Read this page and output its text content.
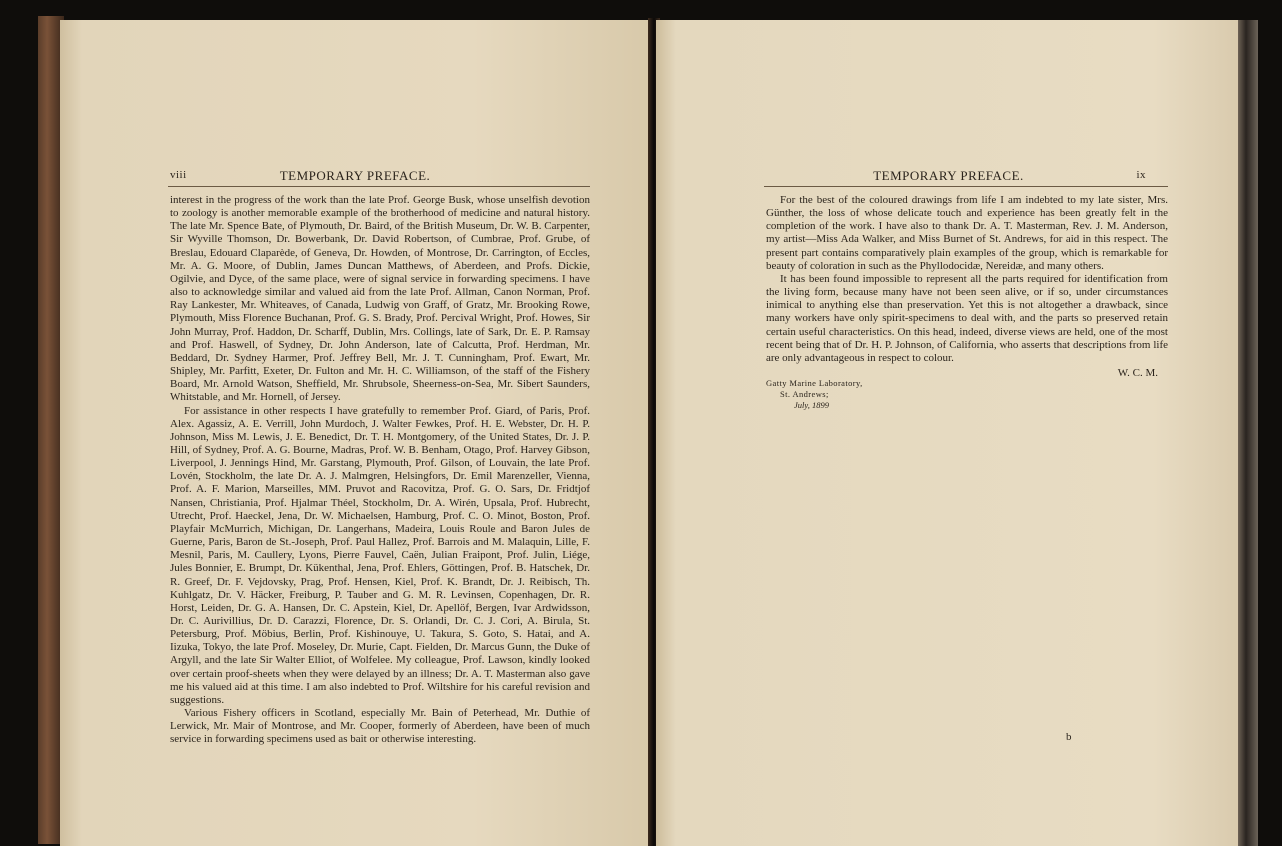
viii	TEMPORARY PREFACE.

interest in the progress of the work than the late Prof. George Busk, whose unselfish devotion to zoology is another memorable example of the brotherhood of medicine and natural history. The late Mr. Spence Bate, of Plymouth, Dr. Baird, of the British Museum, Dr. W. B. Carpenter, Sir Wyville Thomson, Dr. Bowerbank, Dr. David Robertson, of Cumbrae, Prof. Grube, of Breslau, Edouard Claparède, of Geneva, Dr. Howden, of Montrose, Dr. Carrington, of Eccles, Mr. A. G. Moore, of Dublin, James Duncan Matthews, of Aberdeen, and Profs. Dickie, Ogilvie, and Dyce, of the same place, were of signal service in forwarding specimens. I have also to acknowledge similar and valued aid from the late Prof. Allman, Canon Norman, Prof. Ray Lankester, Mr. Whiteaves, of Canada, Ludwig von Graff, of Gratz, Mr. Brooking Rowe, Plymouth, Miss Florence Buchanan, Prof. G. S. Brady, Prof. Percival Wright, Prof. Howes, Sir John Murray, Prof. Haddon, Dr. Scharff, Dublin, Mrs. Collings, late of Sark, Dr. E. P. Ramsay and Prof. Haswell, of Sydney, Dr. John Anderson, late of Calcutta, Prof. Herdman, Mr. Beddard, Dr. Sydney Harmer, Prof. Jeffrey Bell, Mr. J. T. Cunningham, Prof. Ewart, Mr. Shipley, Mr. Parfitt, Exeter, Dr. Fulton and Mr. H. C. Williamson, of the staff of the Fishery Board, Mr. Arnold Watson, Sheffield, Mr. Shrubsole, Sheerness-on-Sea, Mr. Sibert Saunders, Whitstable, and Mr. Hornell, of Jersey.

For assistance in other respects I have gratefully to remember Prof. Giard, of Paris, Prof. Alex. Agassiz, A. E. Verrill, John Murdoch, J. Walter Fewkes, Prof. H. E. Webster, Dr. H. P. Johnson, Miss M. Lewis, J. E. Benedict, Dr. T. H. Montgomery, of the United States, Dr. J. P. Hill, of Sydney, Prof. A. G. Bourne, Madras, Prof. W. B. Benham, Otago, Prof. Harvey Gibson, Liverpool, J. Jennings Hind, Mr. Garstang, Plymouth, Prof. Gilson, of Louvain, the late Prof. Lovén, Stockholm, the late Dr. A. J. Malmgren, Helsingfors, Dr. Emil Marenzeller, Vienna, Prof. A. F. Marion, Marseilles, MM. Pruvot and Racovitza, Prof. G. O. Sars, Dr. Fridtjof Nansen, Christiania, Prof. Hjalmar Théel, Stockholm, Dr. A. Wirén, Upsala, Prof. Hubrecht, Utrecht, Prof. Haeckel, Jena, Dr. W. Michaelsen, Hamburg, Prof. C. O. Minot, Boston, Prof. Playfair McMurrich, Michigan, Dr. Langerhans, Madeira, Louis Roule and Baron Jules de Guerne, Paris, Baron de St.-Joseph, Prof. Paul Hallez, Prof. Barrois and M. Malaquin, Lille, F. Mesnil, Paris, M. Caullery, Lyons, Pierre Fauvel, Caën, Julian Fraipont, Prof. Julin, Liége, Jules Bonnier, E. Brumpt, Dr. Kükenthal, Jena, Prof. Ehlers, Göttingen, Prof. B. Hatschek, Dr. R. Greef, Dr. F. Vejdovsky, Prag, Prof. Hensen, Kiel, Prof. K. Brandt, Dr. J. Reibisch, Th. Kuhlgatz, Dr. V. Häcker, Freiburg, P. Tauber and G. M. R. Levinsen, Copenhagen, Dr. R. Horst, Leiden, Dr. G. A. Hansen, Dr. C. Apstein, Kiel, Dr. Apellöf, Bergen, Ivar Ardwidsson, Dr. C. Aurivillius, Dr. D. Carazzi, Florence, Dr. S. Orlandi, Dr. C. J. Cori, A. Birula, St. Petersburg, Prof. Möbius, Berlin, Prof. Kishinouye, U. Takura, S. Goto, S. Hatai, and A. Iizuka, Tokyo, the late Prof. Moseley, Dr. Murie, Capt. Fielden, Dr. Marcus Gunn, the Duke of Argyll, and the late Sir Walter Elliot, of Wolfelee. My colleague, Prof. Lawson, kindly looked over certain proof-sheets when they were delayed by an illness; Dr. A. T. Masterman also gave me his valued aid at this time. I am also indebted to Prof. Wiltshire for his careful revision and suggestions.

Various Fishery officers in Scotland, especially Mr. Bain of Peterhead, Mr. Duthie of Lerwick, Mr. Mair of Montrose, and Mr. Cooper, formerly of Aberdeen, have been of much service in forwarding specimens used as bait or otherwise interesting.

TEMPORARY PREFACE.	ix

For the best of the coloured drawings from life I am indebted to my late sister, Mrs. Günther, the loss of whose delicate touch and experience has been greatly felt in the completion of the work. I have also to thank Dr. A. T. Masterman, Rev. J. M. Anderson, my artist—Miss Ada Walker, and Miss Burnet of St. Andrews, for aid in this respect. The present part contains comparatively plain examples of the group, which is remarkable for beauty of coloration in such as the Phyllodocidæ, Nereidæ, and many others.

It has been found impossible to represent all the parts required for identification from the living form, because many have not been seen alive, or if so, under circumstances inimical to anything else than preservation. Yet this is not altogether a drawback, since many workers have only spirit-specimens to deal with, and the parts so preserved retain certain useful characteristics. On this head, indeed, diverse views are held, one of the most recent being that of Dr. H. P. Johnson, of California, who asserts that descriptions from life are only advantageous in respect to colour.

W. C. M.
Gatty Marine Laboratory,
St. Andrews;
July, 1899
b
